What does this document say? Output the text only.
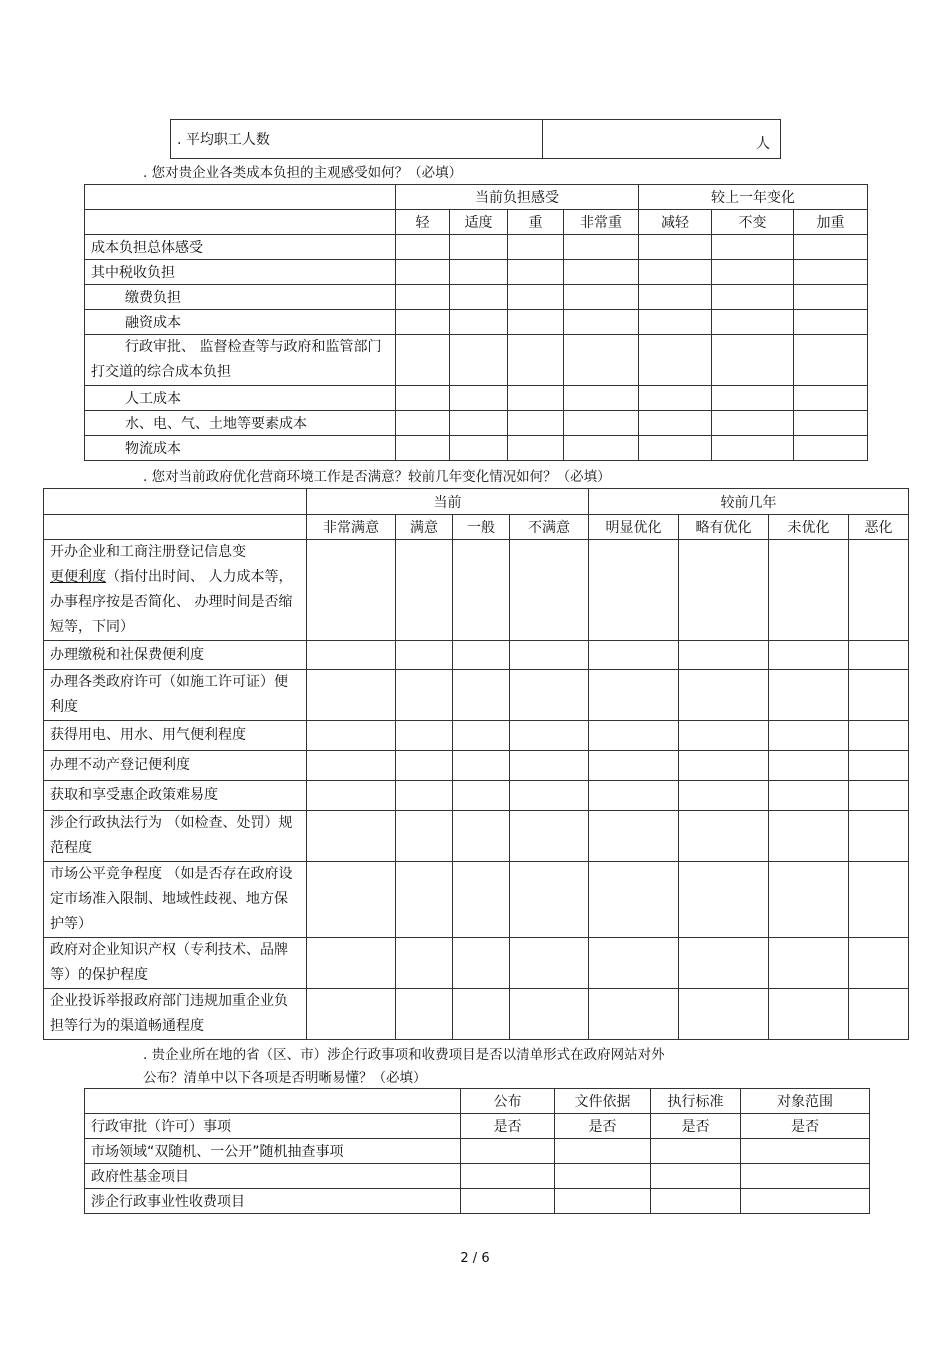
. 平均职工人数	人
. 您对贵企业各类成本负担的主观感受如何？（必填）
	当前负担感受				较上一年变化		
	轻	适度	重	非常重	减轻	不变	加重
成本负担总体感受							
其中税收负担							
缴费负担							
融资成本							
行政审批、 监督检查等与政府和监管部门打交道的综合成本负担							
人工成本							
水、电、气、土地等要素成本							
物流成本							
. 您对当前政府优化营商环境工作是否满意？较前几年变化情况如何？（必填）
	当前				较前几年			
	非常满意	满意	一般	不满意	明显优化	略有优化	未优化	恶化
开办企业和工商注册登记信息变
更便利度（指付出时间、 人力成本等，办事程序按是否简化、 办理时间是否缩短等，下同）								
办理缴税和社保费便利度								
办理各类政府许可（如施工许可证）便利度								
获得用电、用水、用气便利程度								
办理不动产登记便利度								
获取和享受惠企政策难易度								
涉企行政执法行为 （如检查、处罚）规范程度								
市场公平竞争程度 （如是否存在政府设定市场准入限制、地域性歧视、地方保护等）								
政府对企业知识产权（专利技术、品牌等）的保护程度								
企业投诉举报政府部门违规加重企业负担等行为的渠道畅通程度								
. 贵企业所在地的省（区、市）涉企行政事项和收费项目是否以清单形式在政府网站对外
公布？清单中以下各项是否明晰易懂？（必填）
	公布	文件依据	执行标准	对象范围
行政审批（许可）事项	是否	是否	是否	是否
市场领域“双随机、一公开”随机抽查事项				
政府性基金项目				
涉企行政事业性收费项目				
2 / 6
